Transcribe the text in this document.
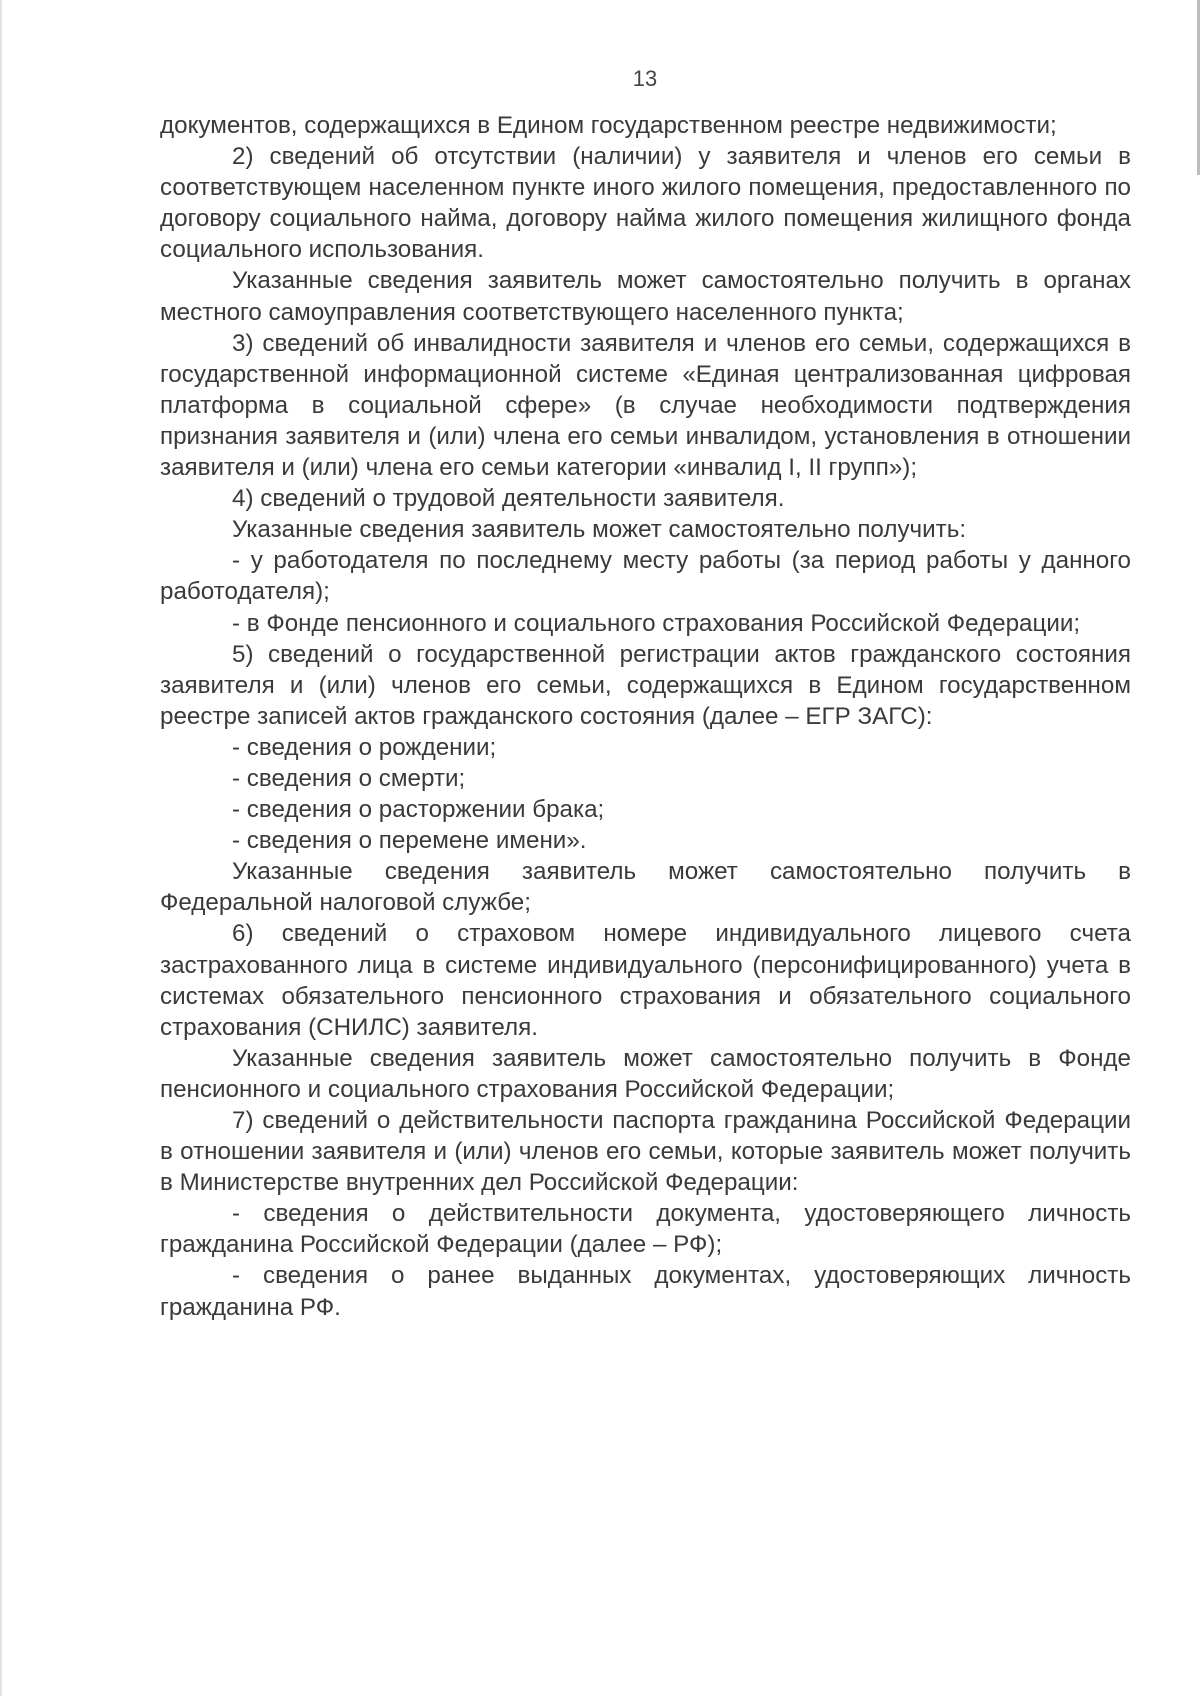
13

документов, содержащихся в Едином государственном реестре недвижимости;

2) сведений об отсутствии (наличии) у заявителя и членов его семьи в соответствующем населенном пункте иного жилого помещения, предоставленного по договору социального найма, договору найма жилого помещения жилищного фонда социального использования.

Указанные сведения заявитель может самостоятельно получить в органах местного самоуправления соответствующего населенного пункта;

3) сведений об инвалидности заявителя и членов его семьи, содержащихся в государственной информационной системе «Единая централизованная цифровая платформа в социальной сфере» (в случае необходимости подтверждения признания заявителя и (или) члена его семьи инвалидом, установления в отношении заявителя и (или) члена его семьи категории «инвалид I, II групп»);

4) сведений о трудовой деятельности заявителя.

Указанные сведения заявитель может самостоятельно получить:

- у работодателя по последнему месту работы (за период работы у данного работодателя);

- в Фонде пенсионного и социального страхования Российской Федерации;

5) сведений о государственной регистрации актов гражданского состояния заявителя и (или) членов его семьи, содержащихся в Едином государственном реестре записей актов гражданского состояния (далее – ЕГР ЗАГС):

- сведения о рождении;

- сведения о смерти;

- сведения о расторжении брака;

- сведения о перемене имени».

Указанные сведения заявитель может самостоятельно получить в Федеральной налоговой службе;

6) сведений о страховом номере индивидуального лицевого счета застрахованного лица в системе индивидуального (персонифицированного) учета в системах обязательного пенсионного страхования и обязательного социального страхования (СНИЛС) заявителя.

Указанные сведения заявитель может самостоятельно получить в Фонде пенсионного и социального страхования Российской Федерации;

7) сведений о действительности паспорта гражданина Российской Федерации в отношении заявителя и (или) членов его семьи, которые заявитель может получить в Министерстве внутренних дел Российской Федерации:

- сведения о действительности документа, удостоверяющего личность гражданина Российской Федерации (далее – РФ);

- сведения о ранее выданных документах, удостоверяющих личность гражданина РФ.
